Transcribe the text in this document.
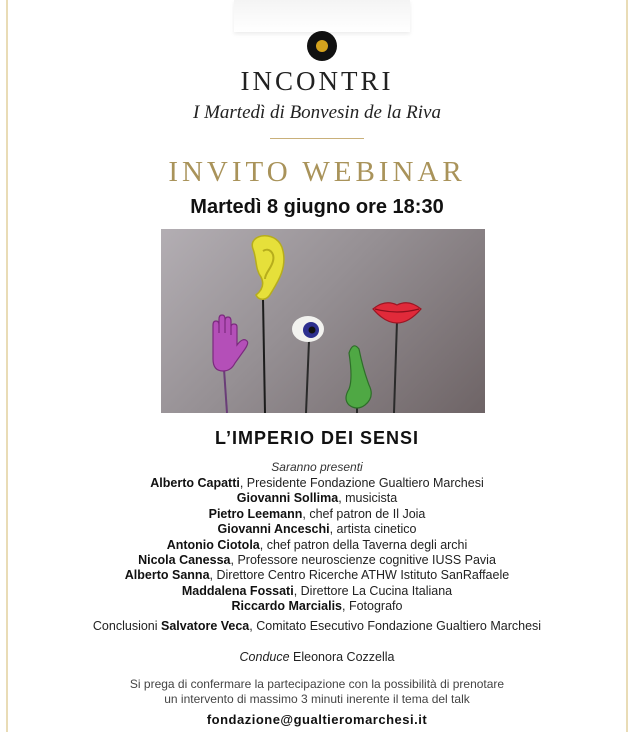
INCONTRI
I Martedì di Bonvesin de la Riva
INVITO WEBINAR
Martedì 8 giugno ore 18:30
L’IMPERIO DEI SENSI
Saranno presenti
Alberto Capatti, Presidente Fondazione Gualtiero Marchesi
Giovanni Sollima, musicista
Pietro Leemann, chef patron de Il Joia
Giovanni Anceschi, artista cinetico
Antonio Ciotola, chef patron della Taverna degli archi
Nicola Canessa, Professore neuroscienze cognitive IUSS Pavia
Alberto Sanna, Direttore Centro Ricerche ATHW Istituto SanRaffaele
Maddalena Fossati, Direttore La Cucina Italiana
Riccardo Marcialis, Fotografo
Conclusioni Salvatore Veca, Comitato Esecutivo Fondazione Gualtiero Marchesi
Conduce Eleonora Cozzella
Si prega di confermare la partecipazione con la possibilità di prenotare
un intervento di massimo 3 minuti inerente il tema del talk
fondazione@gualtieromarchesi.it
